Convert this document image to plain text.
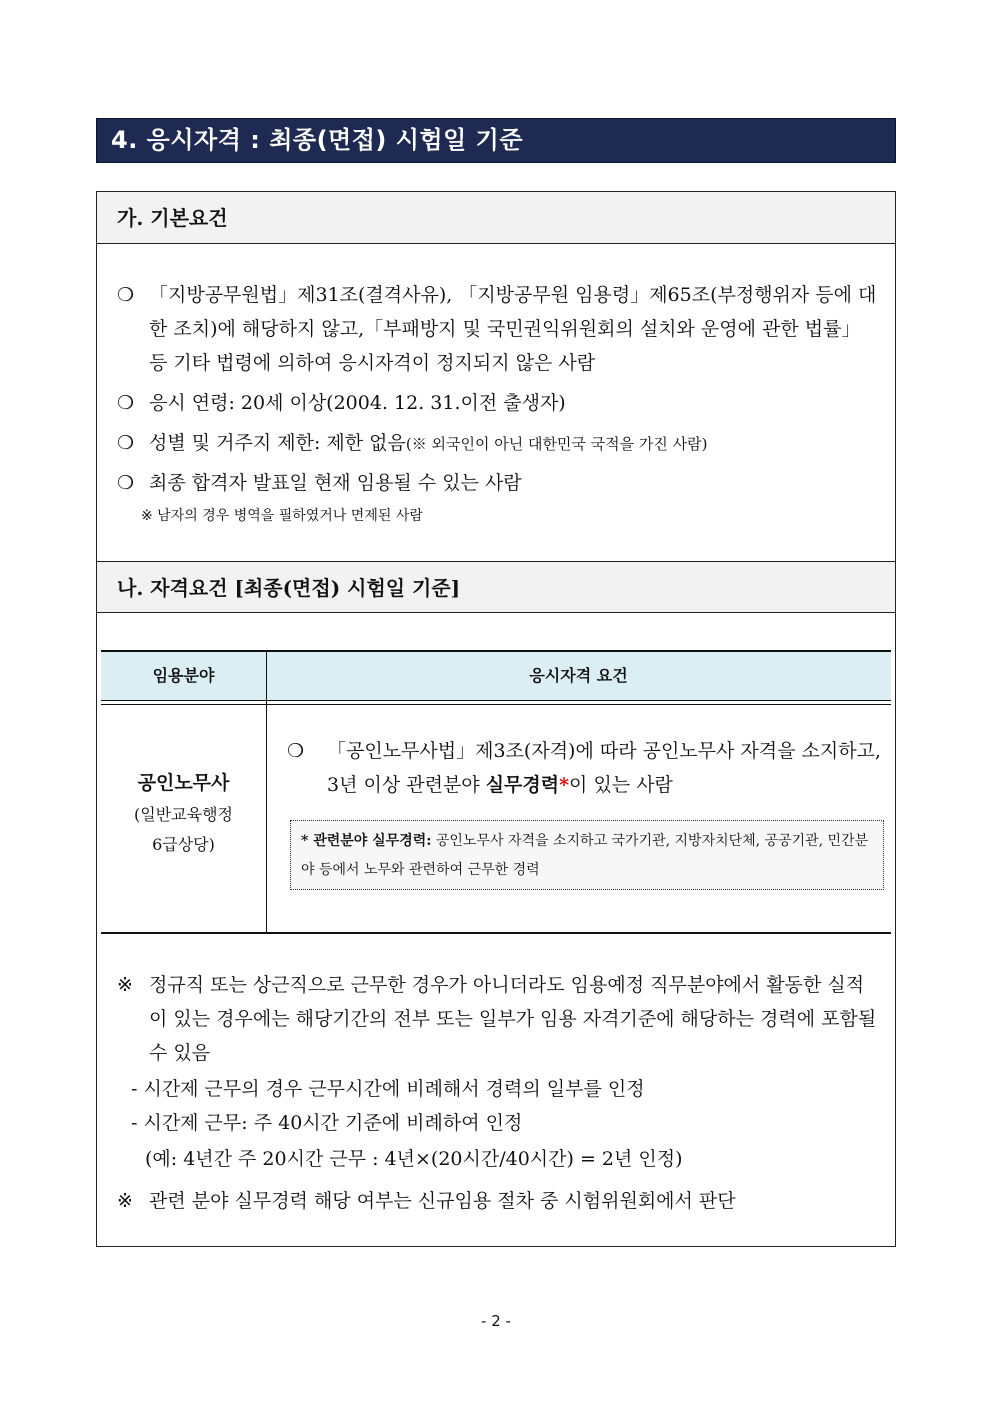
4. 응시자격 : 최종(면접) 시험일 기준
가. 기본요건
❍ 「지방공무원법」제31조(결격사유), 「지방공무원 임용령」제65조(부정행위자 등에 대한 조치)에 해당하지 않고,「부패방지 및 국민권익위원회의 설치와 운영에 관한 법률」등 기타 법령에 의하여 응시자격이 정지되지 않은 사람
❍ 응시 연령: 20세 이상(2004. 12. 31.이전 출생자)
❍ 성별 및 거주지 제한: 제한 없음(※ 외국인이 아닌 대한민국 국적을 가진 사람)
❍ 최종 합격자 발표일 현재 임용될 수 있는 사람
※ 남자의 경우 병역을 필하였거나 면제된 사람
나. 자격요건 [최종(면접) 시험일 기준]
임용분야	응시자격 요건
공인노무사
(일반교육행정
6급상당)
❍	「공인노무사법」제3조(자격)에 따라 공인노무사 자격을 소지하고, 3년 이상 관련분야 실무경력*이 있는 사람
* 관련분야 실무경력: 공인노무사 자격을 소지하고 국가기관, 지방자치단체, 공공기관, 민간분야 등에서 노무와 관련하여 근무한 경력
※ 정규직 또는 상근직으로 근무한 경우가 아니더라도 임용예정 직무분야에서 활동한 실적이 있는 경우에는 해당기간의 전부 또는 일부가 임용 자격기준에 해당하는 경력에 포함될 수 있음
- 시간제 근무의 경우 근무시간에 비례해서 경력의 일부를 인정
- 시간제 근무: 주 40시간 기준에 비례하여 인정
(예: 4년간 주 20시간 근무 : 4년×(20시간/40시간) = 2년 인정)
※ 관련 분야 실무경력 해당 여부는 신규임용 절차 중 시험위원회에서 판단
- 2 -
